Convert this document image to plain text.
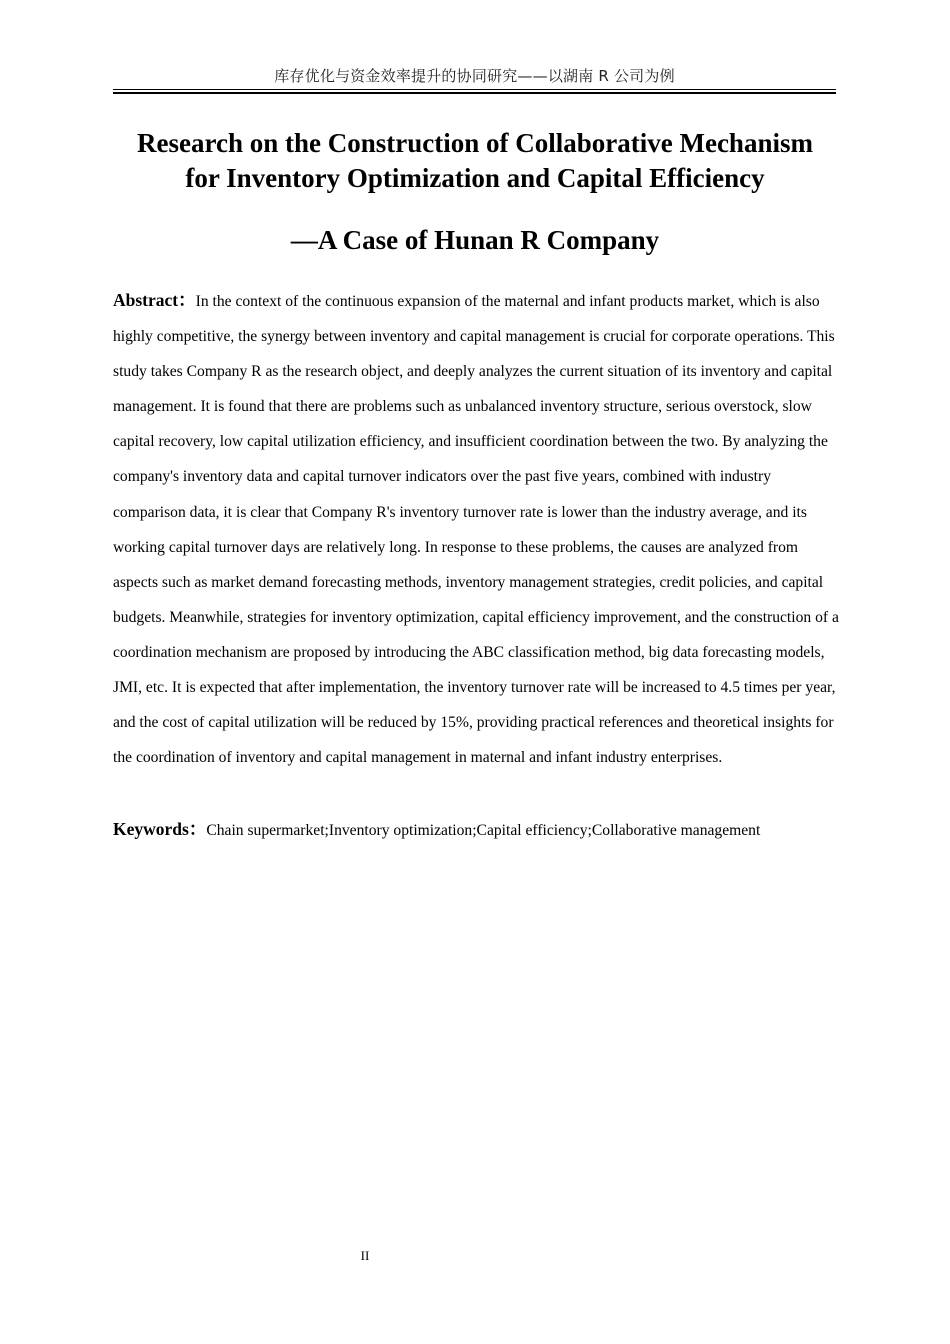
库存优化与资金效率提升的协同研究——以湖南 R 公司为例
Research on the Construction of Collaborative Mechanism
for Inventory Optimization and Capital Efficiency
—A Case of Hunan R Company

Abstract：In the context of the continuous expansion of the maternal and infant products market, which is also highly competitive, the synergy between inventory and capital management is crucial for corporate operations. This study takes Company R as the research object, and deeply analyzes the current situation of its inventory and capital management. It is found that there are problems such as unbalanced inventory structure, serious overstock, slow capital recovery, low capital utilization efficiency, and insufficient coordination between the two. By analyzing the company's inventory data and capital turnover indicators over the past five years, combined with industry comparison data, it is clear that Company R's inventory turnover rate is lower than the industry average, and its working capital turnover days are relatively long. In response to these problems, the causes are analyzed from aspects such as market demand forecasting methods, inventory management strategies, credit policies, and capital budgets. Meanwhile, strategies for inventory optimization, capital efficiency improvement, and the construction of a coordination mechanism are proposed by introducing the ABC classification method, big data forecasting models, JMI, etc. It is expected that after implementation, the inventory turnover rate will be increased to 4.5 times per year, and the cost of capital utilization will be reduced by 15%, providing practical references and theoretical insights for the coordination of inventory and capital management in maternal and infant industry enterprises.

Keywords：Chain supermarket;Inventory optimization;Capital efficiency;Collaborative management

II
